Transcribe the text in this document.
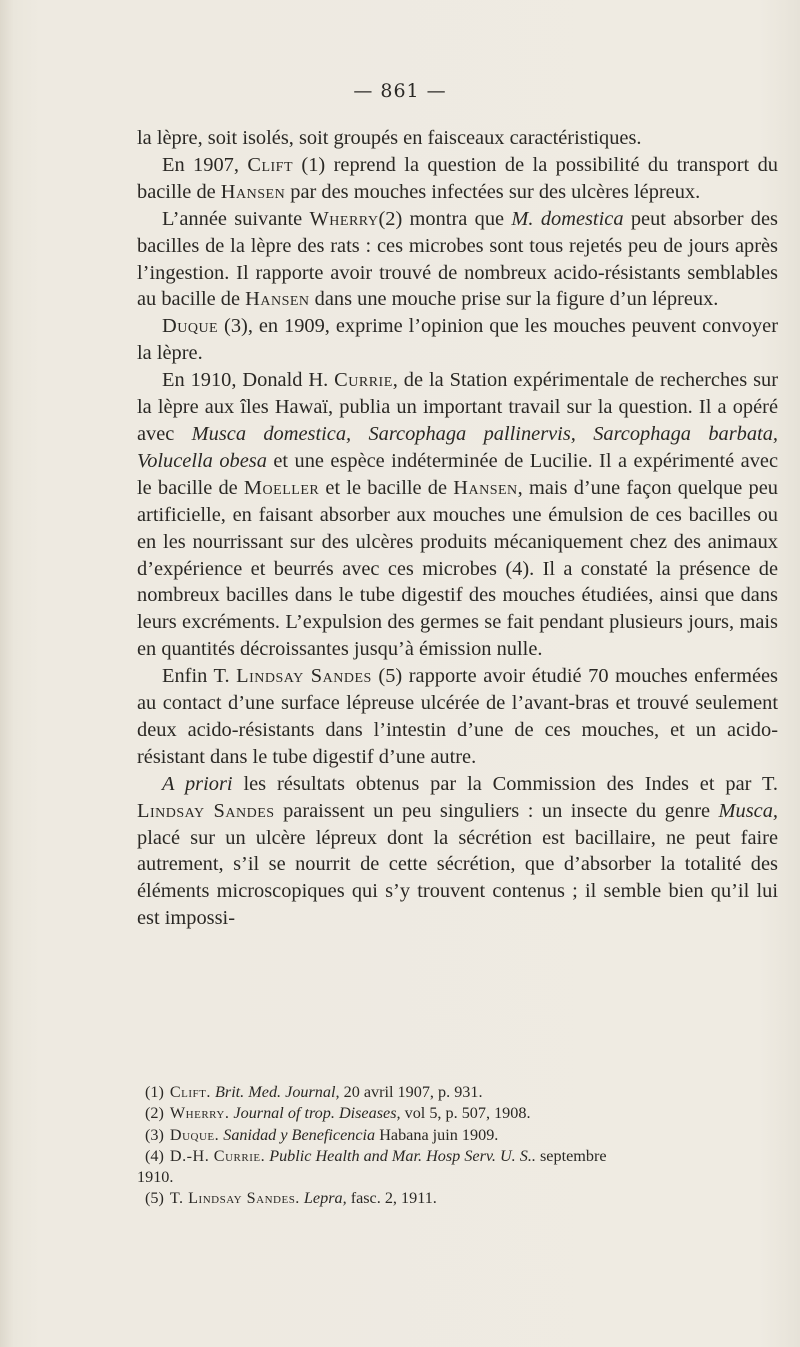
— 861 —

la lèpre, soit isolés, soit groupés en faisceaux caractéristiques.

En 1907, Clift (1) reprend la question de la possibilité du transport du bacille de Hansen par des mouches infectées sur des ulcères lépreux.

L’année suivante Wherry(2) montra que M. domestica peut absorber des bacilles de la lèpre des rats : ces microbes sont tous rejetés peu de jours après l’ingestion. Il rapporte avoir trouvé de nombreux acido-résistants semblables au bacille de Hansen dans une mouche prise sur la figure d’un lépreux.

Duque (3), en 1909, exprime l’opinion que les mouches peuvent convoyer la lèpre.

En 1910, Donald H. Currie, de la Station expérimentale de recherches sur la lèpre aux îles Hawaï, publia un important travail sur la question. Il a opéré avec Musca domestica, Sarcophaga pallinervis, Sarcophaga barbata, Volucella obesa et une espèce indéterminée de Lucilie. Il a expérimenté avec le bacille de Moeller et le bacille de Hansen, mais d’une façon quelque peu artificielle, en faisant absorber aux mouches une émulsion de ces bacilles ou en les nourrissant sur des ulcères produits mécaniquement chez des animaux d’expérience et beurrés avec ces microbes (4). Il a constaté la présence de nombreux bacilles dans le tube digestif des mouches étudiées, ainsi que dans leurs excréments. L’expulsion des germes se fait pendant plusieurs jours, mais en quantités décroissantes jusqu’à émission nulle.

Enfin T. Lindsay Sandes (5) rapporte avoir étudié 70 mouches enfermées au contact d’une surface lépreuse ulcérée de l’avant-bras et trouvé seulement deux acido-résistants dans l’intestin d’une de ces mouches, et un acido-résistant dans le tube digestif d’une autre.

A priori les résultats obtenus par la Commission des Indes et par T. Lindsay Sandes paraissent un peu singuliers : un insecte du genre Musca, placé sur un ulcère lépreux dont la sécrétion est bacillaire, ne peut faire autrement, s’il se nourrit de cette sécrétion, que d’absorber la totalité des éléments microscopiques qui s’y trouvent contenus ; il semble bien qu’il lui est impossi-

(1) Clift. Brit. Med. Journal, 20 avril 1907, p. 931.

(2) Wherry. Journal of trop. Diseases, vol 5, p. 507, 1908.

(3) Duque. Sanidad y Beneficencia Habana juin 1909.

(4) D.-H. Currie. Public Health and Mar. Hosp Serv. U. S.. septembre
1910.

(5) T. Lindsay Sandes. Lepra, fasc. 2, 1911.
